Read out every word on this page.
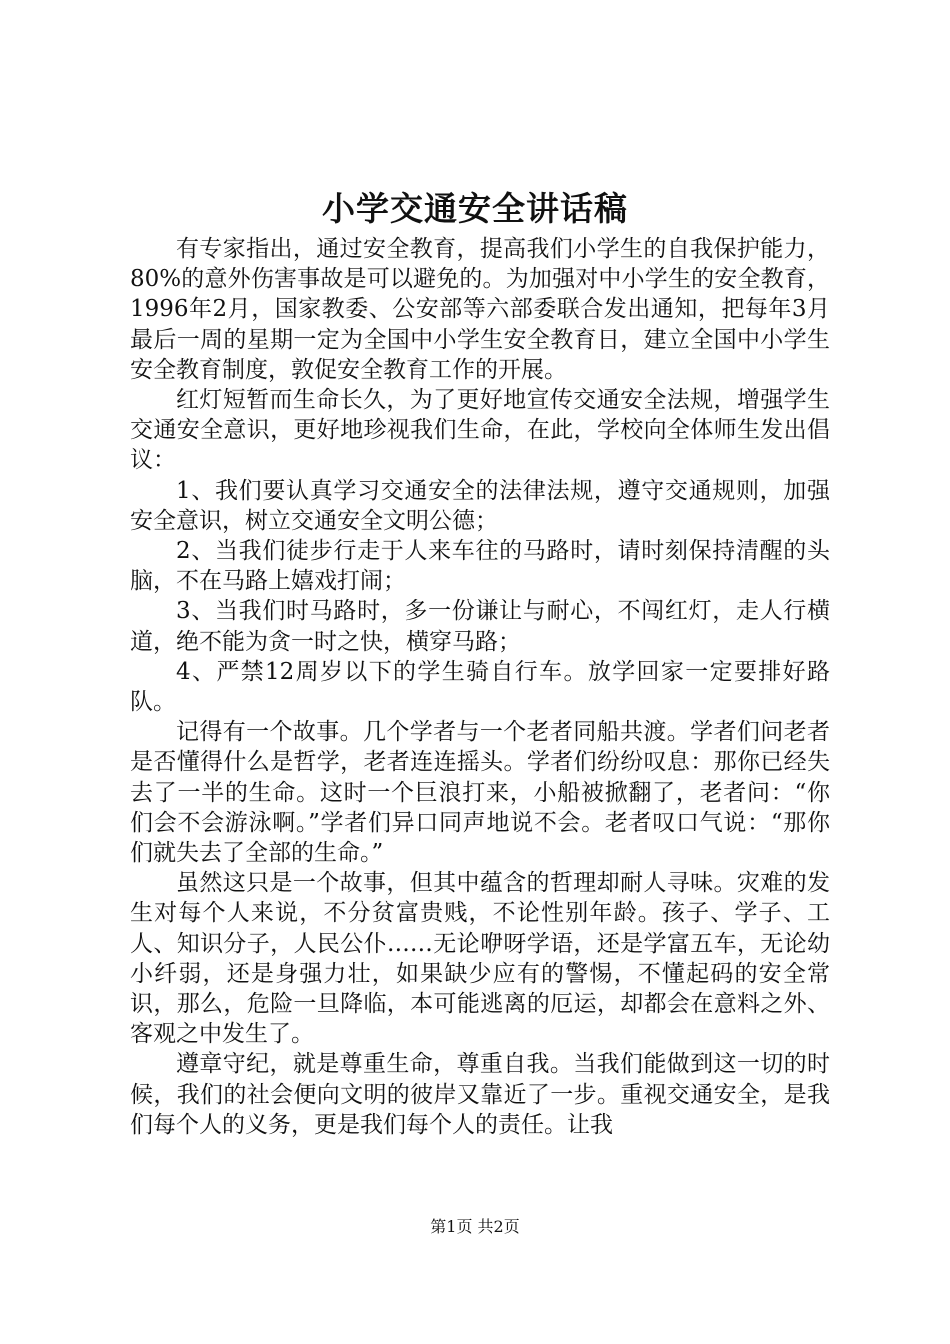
小学交通安全讲话稿

有专家指出，通过安全教育，提高我们小学生的自我保护能力，80%的意外伤害事故是可以避免的。为加强对中小学生的安全教育，1996年2月，国家教委、公安部等六部委联合发出通知，把每年3月最后一周的星期一定为全国中小学生安全教育日，建立全国中小学生安全教育制度，敦促安全教育工作的开展。

红灯短暂而生命长久，为了更好地宣传交通安全法规，增强学生交通安全意识，更好地珍视我们生命，在此，学校向全体师生发出倡议：

1、我们要认真学习交通安全的法律法规，遵守交通规则，加强安全意识，树立交通安全文明公德；

2、当我们徒步行走于人来车往的马路时，请时刻保持清醒的头脑，不在马路上嬉戏打闹；

3、当我们时马路时，多一份谦让与耐心，不闯红灯，走人行横道，绝不能为贪一时之快，横穿马路；

4、严禁12周岁以下的学生骑自行车。放学回家一定要排好路队。

记得有一个故事。几个学者与一个老者同船共渡。学者们问老者是否懂得什么是哲学，老者连连摇头。学者们纷纷叹息：那你已经失去了一半的生命。这时一个巨浪打来，小船被掀翻了，老者问：“你们会不会游泳啊。”学者们异口同声地说不会。老者叹口气说：“那你们就失去了全部的生命。”

虽然这只是一个故事，但其中蕴含的哲理却耐人寻味。灾难的发生对每个人来说，不分贫富贵贱，不论性别年龄。孩子、学子、工人、知识分子，人民公仆……无论咿呀学语，还是学富五车，无论幼小纤弱，还是身强力壮，如果缺少应有的警惕，不懂起码的安全常识，那么，危险一旦降临，本可能逃离的厄运，却都会在意料之外、客观之中发生了。

遵章守纪，就是尊重生命，尊重自我。当我们能做到这一切的时候，我们的社会便向文明的彼岸又靠近了一步。重视交通安全，是我们每个人的义务，更是我们每个人的责任。让我

第1页 共2页
